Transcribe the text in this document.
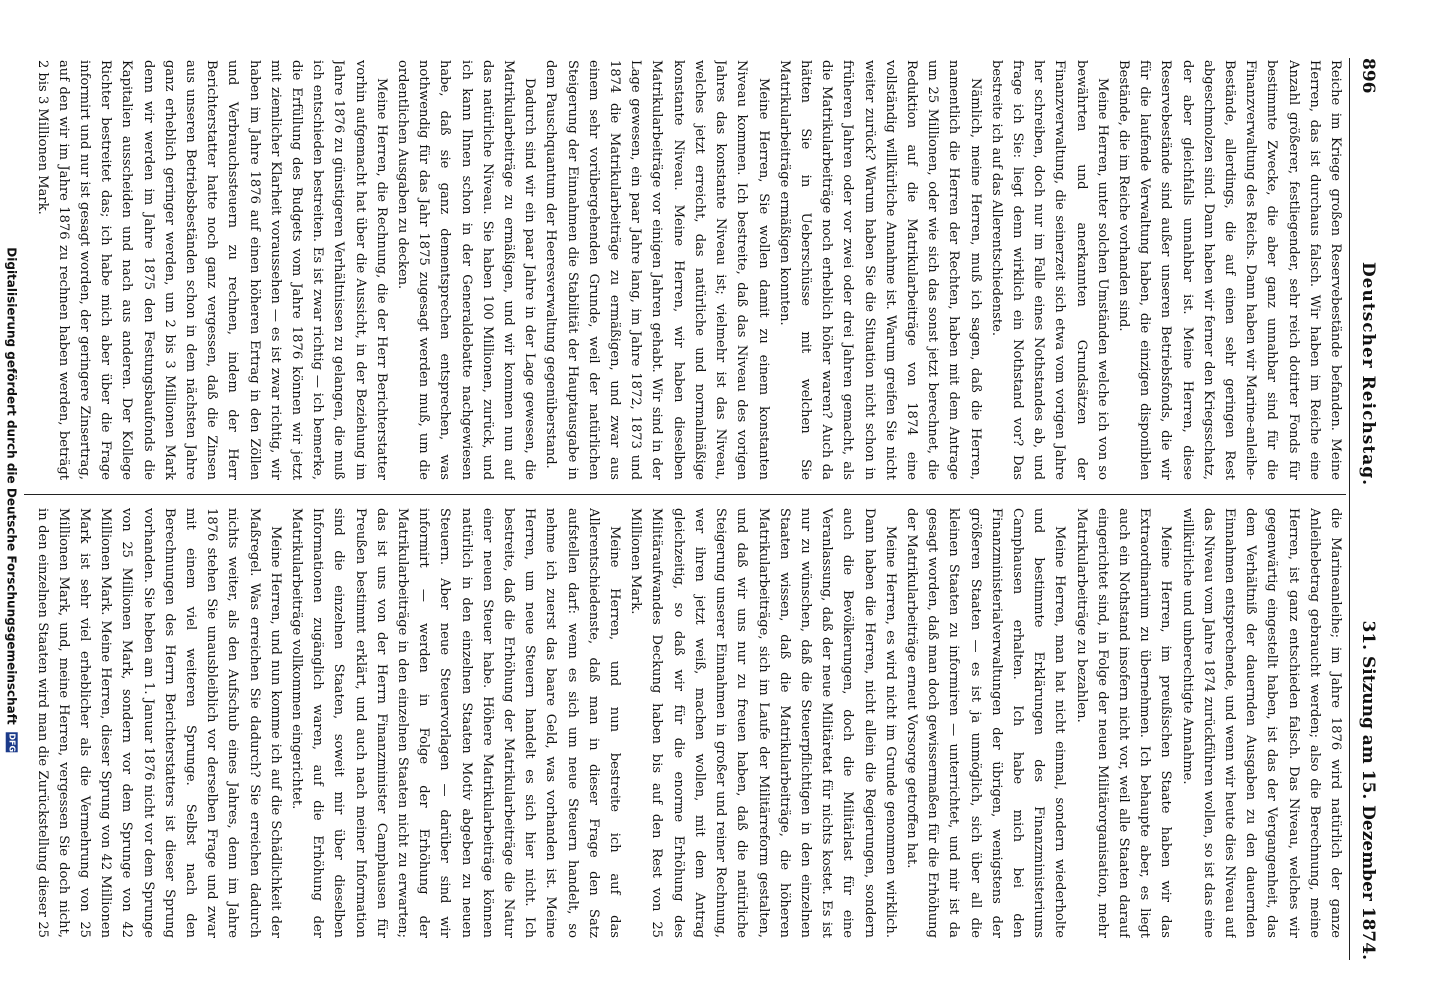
896
Deutscher Reichstag.
31. Sitzung am 15. Dezember 1874.

Reiche im Kriege großen Reservebestände befanden. Meine Herren, das ist durchaus falsch. Wir haben im Reiche eine Anzahl größerer, festliegender, sehr reich dotirter Fonds für bestimmte Zwecke, die aber ganz unnahbar sind für die Finanzverwaltung des Reichs. Dann haben wir Marine-anleihe-Bestände, allerdings, die auf einen sehr geringen Rest abgeschmolzen sind. Dann haben wir ferner den Kriegsschatz, der aber gleichfalls unnahbar ist. Meine Herren, diese Reservebestände sind außer unseren Betriebsfonds, die wir für die laufende Verwaltung haben, die einzigen disponiblen Bestände, die im Reiche vorhanden sind.

Meine Herren, unter solchen Umständen welche ich von so bewährten und anerkannten Grundsätzen der Finanzverwaltung, die seinerzeit sich etwa vom vorigen Jahre her schreiben, doch nur im Falle eines Nothstandes ab, und frage ich Sie: liegt denn wirklich ein Nothstand vor? Das bestreite ich auf das Allerentschiedenste.

Nämlich, meine Herren, muß ich sagen, daß die Herren, namentlich die Herren der Rechten, haben mit dem Antrage um 25 Millionen, oder wie sich das sonst jetzt berechnet, die Reduktion auf die Matrikularbeiträge von 1874 eine vollständig willkürliche Annahme ist. Warum greifen Sie nicht weiter zurück? Warum haben Sie die Situation nicht schon in früheren Jahren oder vor zwei oder drei Jahren gemacht, als die Matrikularbeiträge noch erheblich höher waren? Auch da hätten Sie in Ueberschüsse mit welchen Sie Matrikularbeiträge ermäßigen konnten.

Meine Herren, Sie wollen damit zu einem konstanten Niveau kommen. Ich bestreite, daß das Niveau des vorigen Jahres das konstante Niveau ist; vielmehr ist das Niveau, welches jetzt erreicht, das natürliche und normalmäßige konstante Niveau. Meine Herren, wir haben dieselben Matrikularbeiträge vor einigen Jahren gehabt. Wir sind in der Lage gewesen, ein paar Jahre lang, im Jahre 1872, 1873 und 1874 die Matrikularbeiträge zu ermäßigen, und zwar aus einem sehr vorübergehenden Grunde, weil der natürlichen Steigerung der Einnahmen die Stabilität der Hauptausgabe in dem Pauschquantum der Heeresverwaltung gegenüberstand.

Dadurch sind wir ein paar Jahre in der Lage gewesen, die Matrikularbeiträge zu ermäßigen, und wir kommen nun auf das natürliche Niveau. Sie haben 100 Millionen, zurück, und ich kann Ihnen schon in der Generaldebatte nachgewiesen habe, daß sie ganz dementsprechen entsprechen, was nothwendig für das Jahr 1875 zugesagt werden muß, um die ordentlichen Ausgaben zu decken.

Meine Herren, die Rechnung, die der Herr Berichterstatter vorhin aufgemacht hat über die Aussicht, in der Beziehung im Jahre 1876 zu günstigeren Verhältnissen zu gelangen, die muß ich entschieden bestreiten. Es ist zwar richtig — ich bemerke, die Erfüllung des Budgets vom Jahre 1876 können wir jetzt mit ziemlicher Klarheit voraussehen — es ist zwar richtig, wir haben im Jahre 1876 auf einen höheren Ertrag in den Zöllen und Verbrauchssteuern zu rechnen, indem der Herr Berichterstatter hatte noch ganz vergessen, daß die Zinsen aus unseren Betriebsbeständen schon in dem nächsten Jahre ganz erheblich geringer werden, um 2 bis 3 Millionen Mark denn wir werden im Jahre 1875 den Festungsbaufonds die Kapitalien ausscheiden und nach aus anderen. Der Kollege Richter bestreitet das; ich habe mich aber über die Frage informirt und nur ist gesagt worden, der geringere Zinsertrag, auf den wir im Jahre 1876 zu rechnen haben werden, beträgt 2 bis 3 Millionen Mark.

die Marineanleihe; im Jahre 1876 wird natürlich der ganze Anleihebetrag gebraucht werden; also die Berechnung, meine Herren, ist ganz entschieden falsch. Das Niveau, welches wir gegenwärtig eingestellt haben, ist das der Vergangenheit, das dem Verhältniß der dauernden Ausgaben zu den dauernden Einnahmen entsprechende, und wenn wir heute dies Niveau auf das Niveau vom Jahre 1874 zurückführen wollen, so ist das eine willkürliche und unberechtigte Annahme.

Meine Herren, im preußischen Staate haben wir das Extraordinarium zu übernehmen. Ich behaupte aber, es liegt auch ein Nothstand insofern nicht vor, weil alle Staaten darauf eingerichtet sind, in Folge der neuen Militärorganisation, mehr Matrikularbeiträge zu bezahlen.

Meine Herren, man hat nicht einmal, sondern wiederholte und bestimmte Erklärungen des Finanzministeriums Camphausen erhalten. Ich habe mich bei den Finanzministerialverwaltungen der übrigen, wenigstens der größeren Staaten — es ist ja unmöglich, sich über all die kleinen Staaten zu informiren — unterrichtet, und mir ist da gesagt worden, daß man doch gewissermaßen für die Erhöhung der Matrikularbeiträge erneut Vorsorge getroffen hat.

Meine Herren, es wird nicht im Grunde genommen wirklich. Dann haben die Herren, nicht allein die Regierungen, sondern auch die Bevölkerungen, doch die Militärlast für eine Veranlassung, daß der neue Militäretat für nichts kostet. Es ist nur zu wünschen, daß die Steuerpflichtigen in den einzelnen Staaten wissen, daß die Matrikularbeiträge, die höheren Matrikularbeiträge, sich im Laufe der Militärreform gestalten, und daß wir uns nur zu freuen haben, daß die natürliche Steigerung unserer Einnahmen in großer und reiner Rechnung, wer ihren jetzt weiß, machen wollen, mit dem Antrag gleichzeitig, so daß wir für die enorme Erhöhung des Militäraufwandes Deckung haben bis auf den Rest von 25 Millionen Mark.

Meine Herren, und nun bestreite ich auf das Allerentschiedenste, daß man in dieser Frage den Satz aufstellen darf: wenn es sich um neue Steuern handelt, so nehme ich zuerst das baare Geld, was vorhanden ist. Meine Herren, um neue Steuern handelt es sich hier nicht. Ich bestreite, daß die Erhöhung der Matrikularbeiträge die Natur einer neuen Steuer habe. Höhere Matrikularbeiträge können natürlich in den einzelnen Staaten Motiv abgeben zu neuen Steuern. Aber neue Steuervorlagen — darüber sind wir informirt — werden in Folge der Erhöhung der Matrikularbeiträge in den einzelnen Staaten nicht zu erwarten; das ist uns von der Herrn Finanzminister Camphausen für Preußen bestimmt erklärt, und auch nach meiner Information sind die einzelnen Staaten, soweit mir über dieselben Informationen zugänglich waren, auf die Erhöhung der Matrikularbeiträge vollkommen eingerichtet.

Meine Herren, und nun komme ich auf die Schädlichkeit der Maßregel. Was erreichen Sie dadurch? Sie erreichen dadurch nichts weiter, als den Aufschub eines Jahres, denn im Jahre 1876 stehen Sie unausbleiblich vor derselben Frage und zwar mit einem viel weiteren Sprunge. Selbst nach den Berechnungen des Herrn Berichterstatters ist dieser Sprung vorhanden. Sie heben am 1. Januar 1876 nicht vor dem Sprunge von 25 Millionen Mark, sondern vor dem Sprunge von 42 Millionen Mark. Meine Herren, dieser Sprung von 42 Millionen Mark ist sehr viel erheblicher als die Vermehrung von 25 Millionen Mark, und, meine Herren, vergessen Sie doch nicht, in den einzelnen Staaten wird man die Zurückstellung dieser 25

Digitalisierung gefördert durch die Deutsche Forschungsgemeinschaft
DFG
